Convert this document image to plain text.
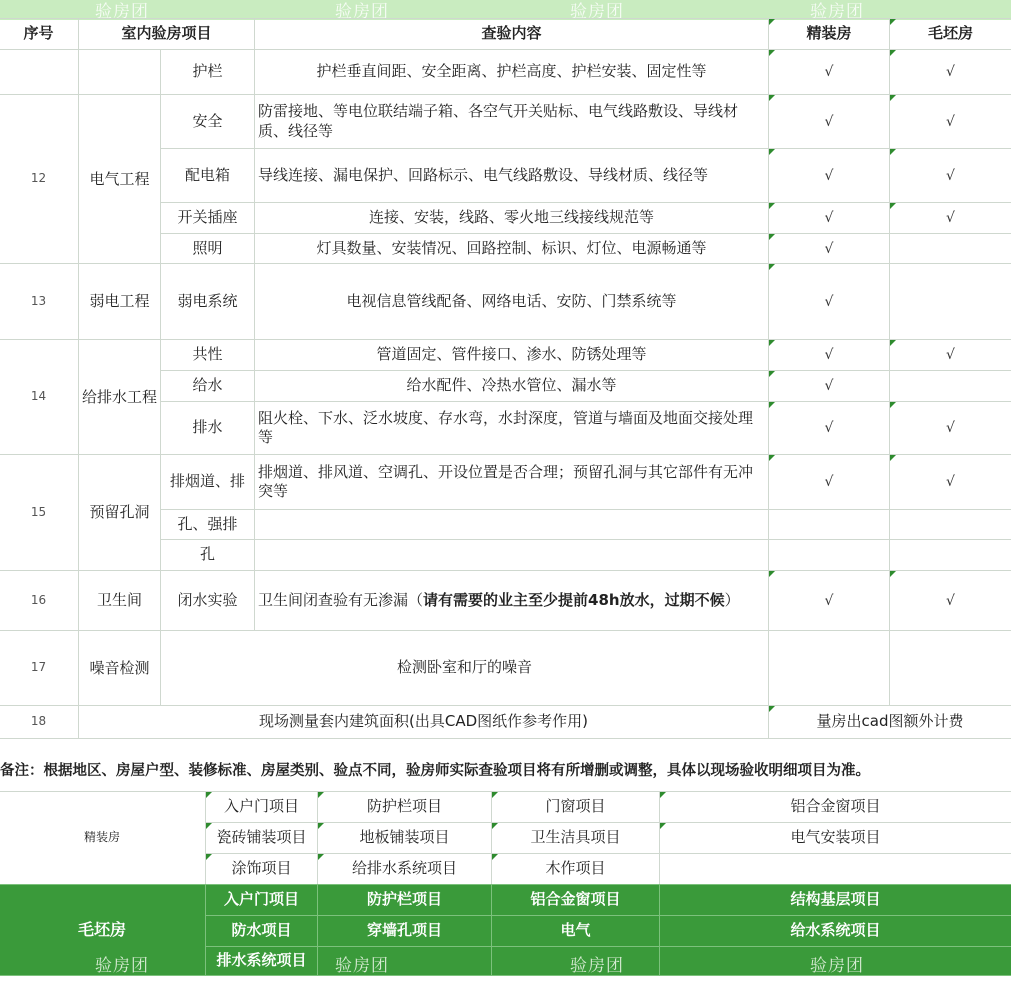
验房团	验房团	验房团	验房团
序号	室内验房项目		查验内容	精装房	毛坯房
		护栏	护栏垂直间距、安全距离、护栏高度、护栏安装、固定性等	√	√
12	电气工程	安全	防雷接地、等电位联结端子箱、各空气开关贴标、电气线路敷设、导线材质、线径等	√	√
		配电箱	导线连接、漏电保护、回路标示、电气线路敷设、导线材质、线径等	√	√
		开关插座	连接、安装，线路、零火地三线接线规范等	√	√
		照明	灯具数量、安装情况、回路控制、标识、灯位、电源畅通等	√	
13	弱电工程	弱电系统	电视信息管线配备、网络电话、安防、门禁系统等	√	
14	给排水工程	共性	管道固定、管件接口、渗水、防锈处理等	√	√
		给水	给水配件、冷热水管位、漏水等	√	
		排水	阻火栓、下水、泛水坡度、存水弯，水封深度，管道与墙面及地面交接处理等	√	√
15	预留孔洞	排烟道、排	排烟道、排风道、空调孔、开设位置是否合理；预留孔洞与其它部件有无冲突等	√	√
		孔、强排			
		孔			
16	卫生间	闭水实验	卫生间闭查验有无渗漏（请有需要的业主至少提前48h放水，过期不候）	√	√
17	噪音检测	检测卧室和厅的噪音			
18	现场测量套内建筑面积(出具CAD图纸作参考作用)			量房出cad图额外计费	
备注：根据地区、房屋户型、装修标准、房屋类别、验点不同，验房师实际查验项目将有所增删或调整，具体以现场验收明细项目为准。
精装房	入户门项目	防护栏项目	门窗项目	铝合金窗项目

瓷砖铺装项目	地板铺装项目	卫生洁具项目	电气安装项目

涂饰项目	给排水系统项目	木作项目	
毛坯房	入户门项目	防护栏项目	铝合金窗项目	结构基层项目
	防水项目	穿墙孔项目	电气	给水系统项目
	排水系统项目			
验房团	验房团	验房团	验房团
